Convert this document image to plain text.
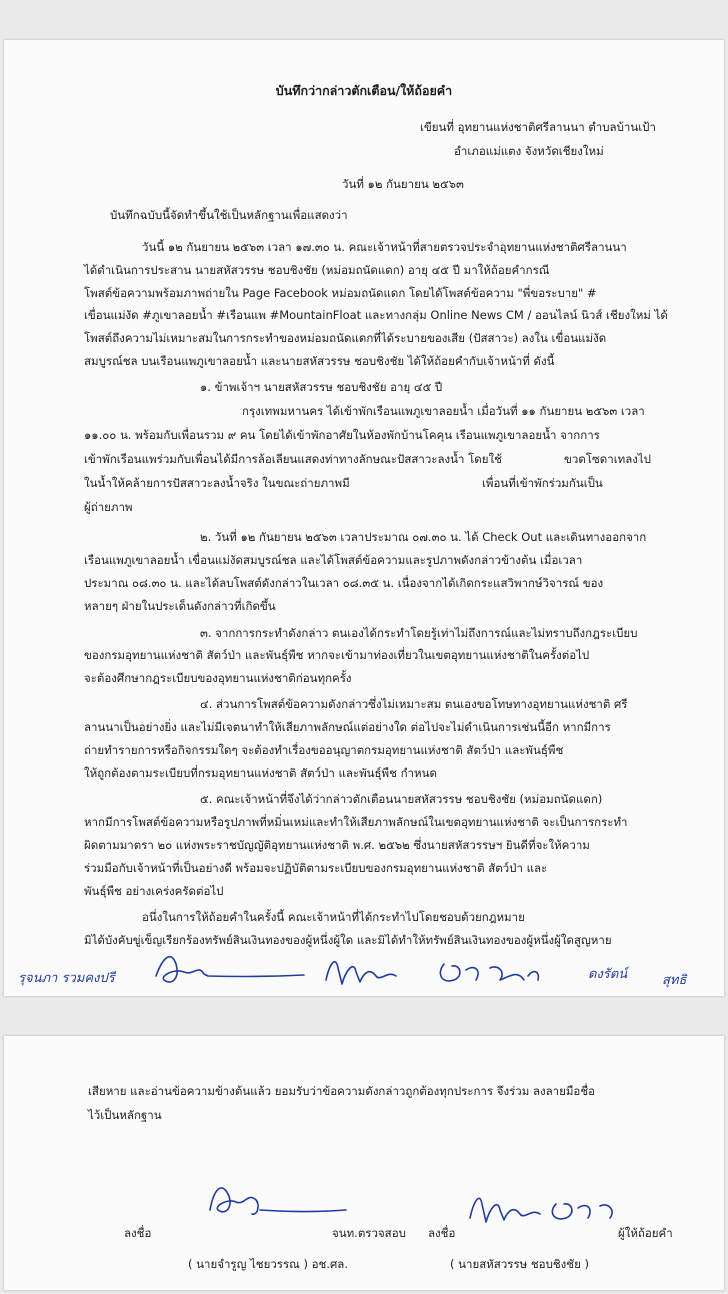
บันทึกว่ากล่าวตักเตือน/ให้ถ้อยคำ

เขียนที่ อุทยานแห่งชาติศรีลานนา ตำบลบ้านเป้า

อำเภอแม่แตง จังหวัดเชียงใหม่

วันที่ ๑๒ กันยายน ๒๕๖๓

บันทึกฉบับนี้จัดทำขึ้นใช้เป็นหลักฐานเพื่อแสดงว่า

วันนี้ ๑๒ กันยายน ๒๕๖๓ เวลา ๑๗.๓๐ น. คณะเจ้าหน้าที่สายตรวจประจำอุทยานแห่งชาติศรีลานนา

ได้ดำเนินการประสาน นายสหัสวรรษ ชอบชิงชัย (หม่อมถนัดแดก) อายุ ๔๕ ปี มาให้ถ้อยคำกรณี

โพสต์ข้อความพร้อมภาพถ่ายใน Page Facebook หม่อมถนัดแดก โดยได้โพสต์ข้อความ "พี่ขอระบาย" #

เขื่อนแม่งัด #ภูเขาลอยน้ำ #เรือนแพ #MountainFloat และทางกลุ่ม Online News CM / ออนไลน์ นิวส์ เชียงใหม่ ได้

โพสต์ถึงความไม่เหมาะสมในการกระทำของหม่อมถนัดแดกที่ได้ระบายของเสีย (ปัสสาวะ) ลงใน เขื่อนแม่งัด

สมบูรณ์ชล บนเรือนแพภูเขาลอยน้ำ และนายสหัสวรรษ ชอบชิงชัย ได้ให้ถ้อยคำกับเจ้าหน้าที่ ดังนี้

๑. ข้าพเจ้าฯ นายสหัสวรรษ ชอบชิงชัย อายุ ๔๕ ปี

กรุงเทพมหานคร ได้เข้าพักเรือนแพภูเขาลอยน้ำ เมื่อวันที่ ๑๑ กันยายน ๒๕๖๓ เวลา

๑๑.๐๐ น. พร้อมกับเพื่อนรวม ๙ คน โดยได้เข้าพักอาศัยในห้องพักบ้านโคคุน เรือนแพภูเขาลอยน้ำ จากการ

เข้าพักเรือนแพร่วมกับเพื่อนได้มีการล้อเลียนแสดงท่าทางลักษณะปัสสาวะลงน้ำ โดยใช้	ขวดโซดาเทลงไป

ในน้ำให้คล้ายการปัสสาวะลงน้ำจริง ในขณะถ่ายภาพมี	เพื่อนที่เข้าพักร่วมกันเป็น

ผู้ถ่ายภาพ

๒. วันที่ ๑๒ กันยายน ๒๕๖๓ เวลาประมาณ ๐๗.๓๐ น. ได้ Check Out และเดินทางออกจาก

เรือนแพภูเขาลอยน้ำ เขื่อนแม่งัดสมบูรณ์ชล และได้โพสต์ข้อความและรูปภาพดังกล่าวข้างต้น เมื่อเวลา

ประมาณ ๐๘.๓๐ น. และได้ลบโพสต์ดังกล่าวในเวลา ๐๘.๓๕ น. เนื่องจากได้เกิดกระแสวิพากษ์วิจารณ์ ของ

หลายๆ ฝ่ายในประเด็นดังกล่าวที่เกิดขึ้น

๓. จากการกระทำดังกล่าว ตนเองได้กระทำโดยรู้เท่าไม่ถึงการณ์และไม่ทราบถึงกฎระเบียบ

ของกรมอุทยานแห่งชาติ สัตว์ป่า และพันธุ์พืช หากจะเข้ามาท่องเที่ยวในเขตอุทยานแห่งชาติในครั้งต่อไป

จะต้องศึกษากฎระเบียบของอุทยานแห่งชาติก่อนทุกครั้ง

๔. ส่วนการโพสต์ข้อความดังกล่าวซึ่งไม่เหมาะสม ตนเองขอโทษทางอุทยานแห่งชาติ ศรี

ลานนาเป็นอย่างยิ่ง และไม่มีเจตนาทำให้เสียภาพลักษณ์แต่อย่างใด ต่อไปจะไม่ดำเนินการเช่นนี้อีก หากมีการ

ถ่ายทำรายการหรือกิจกรรมใดๆ จะต้องทำเรื่องขออนุญาตกรมอุทยานแห่งชาติ สัตว์ป่า และพันธุ์พืช

ให้ถูกต้องตามระเบียบที่กรมอุทยานแห่งชาติ สัตว์ป่า และพันธุ์พืช กำหนด

๕. คณะเจ้าหน้าที่จึงได้ว่ากล่าวตักเตือนนายสหัสวรรษ ชอบชิงชัย (หม่อมถนัดแดก)

หากมีการโพสต์ข้อความหรือรูปภาพที่หมิ่นเหม่และทำให้เสียภาพลักษณ์ในเขตอุทยานแห่งชาติ จะเป็นการกระทำ

ผิดตามมาตรา ๒๐ แห่งพระราชบัญญัติอุทยานแห่งชาติ พ.ศ. ๒๕๖๒ ซึ่งนายสหัสวรรษฯ ยินดีที่จะให้ความ

ร่วมมือกับเจ้าหน้าที่เป็นอย่างดี พร้อมจะปฏิบัติตามระเบียบของกรมอุทยานแห่งชาติ สัตว์ป่า และ

พันธุ์พืช อย่างเคร่งครัดต่อไป

อนึ่งในการให้ถ้อยคำในครั้งนี้ คณะเจ้าหน้าที่ได้กระทำไปโดยชอบด้วยกฎหมาย

มิได้บังคับขู่เข็ญเรียกร้องทรัพย์สินเงินทองของผู้หนึ่งผู้ใด และมิได้ทำให้ทรัพย์สินเงินทองของผู้หนึ่งผู้ใดสูญหาย

รุจนภา รวมคงปรี	ดงรัตน์	สุทธิ

เสียหาย และอ่านข้อความข้างต้นแล้ว ยอมรับว่าข้อความดังกล่าวถูกต้องทุกประการ จึงร่วม ลงลายมือชื่อ

ไว้เป็นหลักฐาน

ลงชื่อ	จนท.ตรวจสอบ

( นายจำรูญ ไชยวรรณ ) อช.ศล.

ลงชื่อ	ผู้ให้ถ้อยคำ

( นายสหัสวรรษ ชอบชิงชัย )
